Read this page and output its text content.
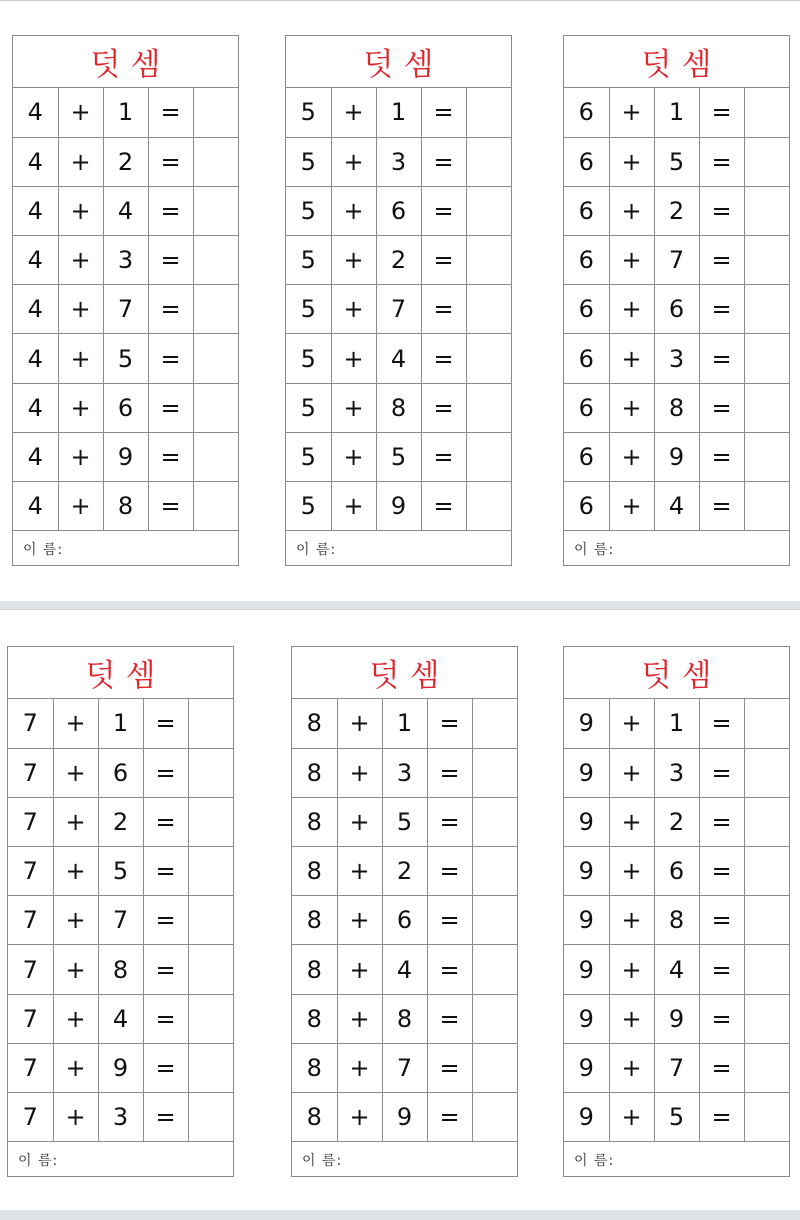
덧셈
4	+	1	=	
4	+	2	=	
4	+	4	=	
4	+	3	=	
4	+	7	=	
4	+	5	=	
4	+	6	=	
4	+	9	=	
4	+	8	=	
이 름:
덧셈
5	+	1	=	
5	+	3	=	
5	+	6	=	
5	+	2	=	
5	+	7	=	
5	+	4	=	
5	+	8	=	
5	+	5	=	
5	+	9	=	
이 름:
덧셈
6	+	1	=	
6	+	5	=	
6	+	2	=	
6	+	7	=	
6	+	6	=	
6	+	3	=	
6	+	8	=	
6	+	9	=	
6	+	4	=	
이 름:
덧셈
7	+	1	=	
7	+	6	=	
7	+	2	=	
7	+	5	=	
7	+	7	=	
7	+	8	=	
7	+	4	=	
7	+	9	=	
7	+	3	=	
이 름:
덧셈
8	+	1	=	
8	+	3	=	
8	+	5	=	
8	+	2	=	
8	+	6	=	
8	+	4	=	
8	+	8	=	
8	+	7	=	
8	+	9	=	
이 름:
덧셈
9	+	1	=	
9	+	3	=	
9	+	2	=	
9	+	6	=	
9	+	8	=	
9	+	4	=	
9	+	9	=	
9	+	7	=	
9	+	5	=	
이 름:
